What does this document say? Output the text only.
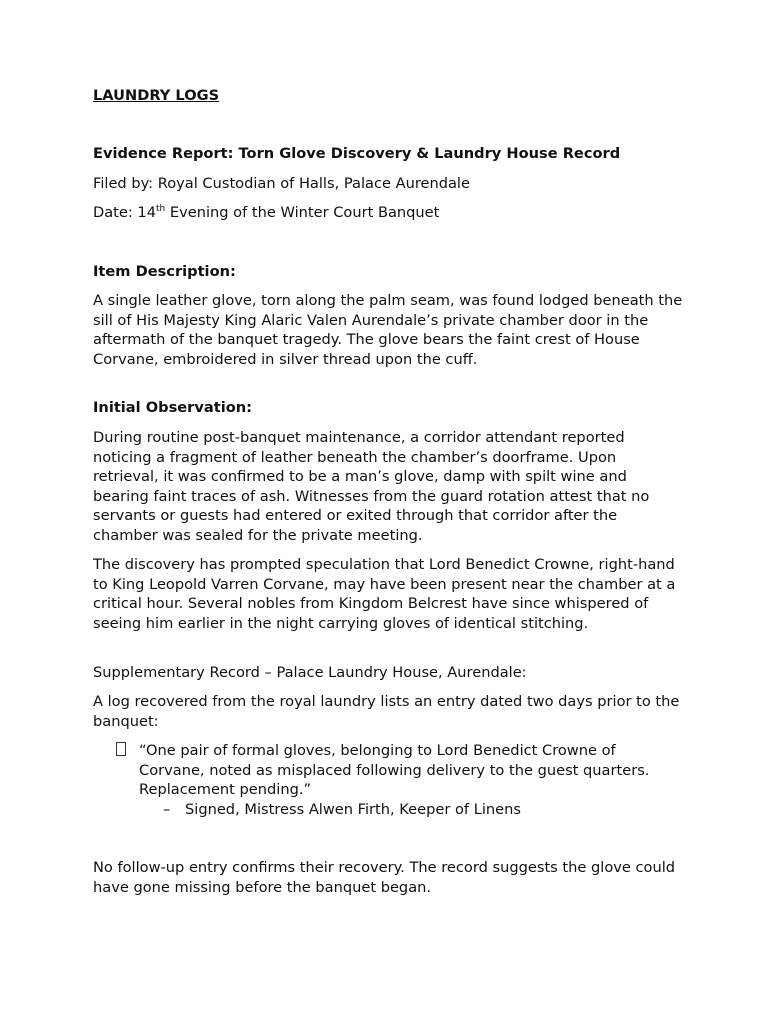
LAUNDRY LOGS
Evidence Report: Torn Glove Discovery & Laundry House Record
Filed by: Royal Custodian of Halls, Palace Aurendale
Date: 14th Evening of the Winter Court Banquet
Item Description:
A single leather glove, torn along the palm seam, was found lodged beneath the sill of His Majesty King Alaric Valen Aurendale’s private chamber door in the aftermath of the banquet tragedy. The glove bears the faint crest of House Corvane, embroidered in silver thread upon the cuff.
Initial Observation:
During routine post-banquet maintenance, a corridor attendant reported noticing a fragment of leather beneath the chamber’s doorframe. Upon retrieval, it was confirmed to be a man’s glove, damp with spilt wine and bearing faint traces of ash. Witnesses from the guard rotation attest that no servants or guests had entered or exited through that corridor after the chamber was sealed for the private meeting.
The discovery has prompted speculation that Lord Benedict Crowne, right-hand to King Leopold Varren Corvane, may have been present near the chamber at a critical hour. Several nobles from Kingdom Belcrest have since whispered of seeing him earlier in the night carrying gloves of identical stitching.
Supplementary Record – Palace Laundry House, Aurendale:
A log recovered from the royal laundry lists an entry dated two days prior to the banquet:
“One pair of formal gloves, belonging to Lord Benedict Crowne of Corvane, noted as misplaced following delivery to the guest quarters. Replacement pending.”
– Signed, Mistress Alwen Firth, Keeper of Linens
No follow-up entry confirms their recovery. The record suggests the glove could have gone missing before the banquet began.
